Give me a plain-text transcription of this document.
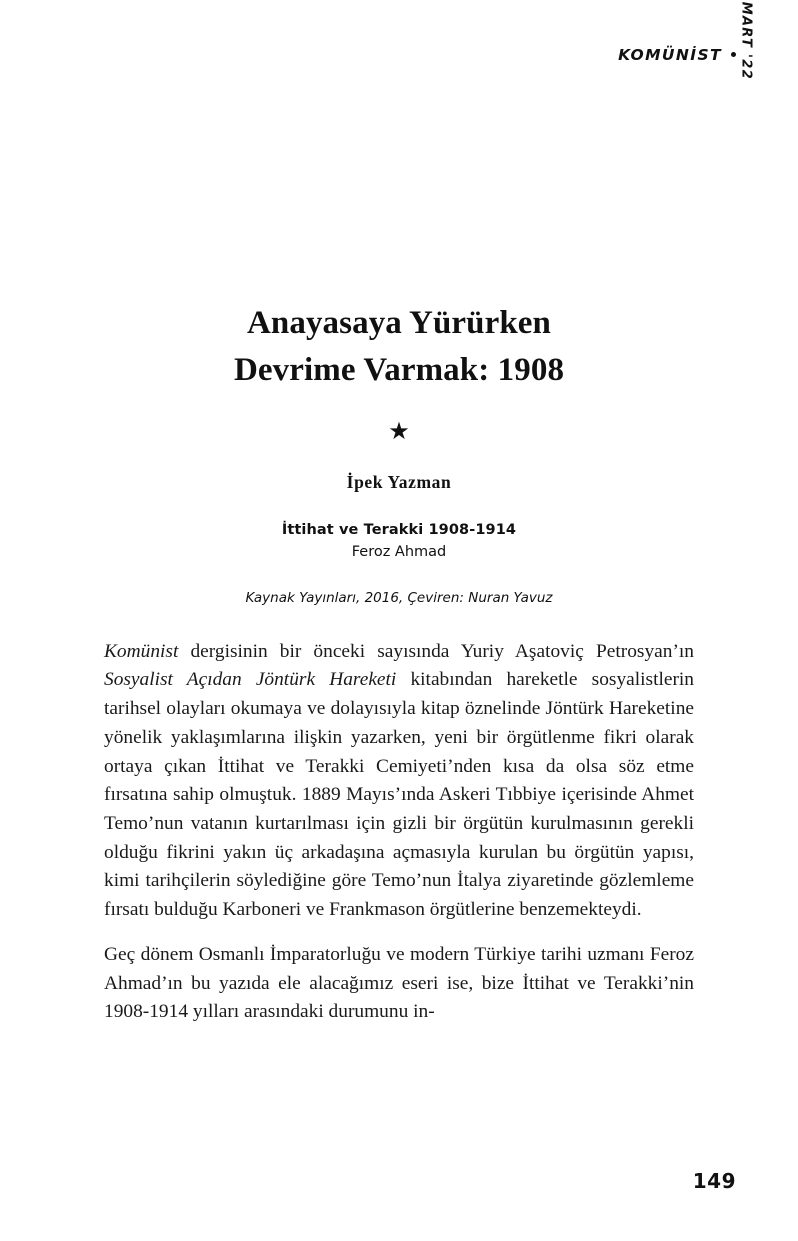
KOMÜNİST MART '22
Anayasaya Yürürken
Devrime Varmak: 1908
★
İpek Yazman
İttihat ve Terakki 1908-1914
Feroz Ahmad
Kaynak Yayınları, 2016, Çeviren: Nuran Yavuz

Komünist dergisinin bir önceki sayısında Yuriy Aşatoviç Petrosyan’ın Sosyalist Açıdan Jöntürk Hareketi kitabından hareketle sosyalistlerin tarihsel olayları okumaya ve dolayısıyla kitap öznelinde Jöntürk Hareketine yönelik yaklaşımlarına ilişkin yazarken, yeni bir örgütlenme fikri olarak ortaya çıkan İttihat ve Terakki Cemiyeti’nden kısa da olsa söz etme fırsatına sahip olmuştuk. 1889 Mayıs’ında Askeri Tıbbiye içerisinde Ahmet Temo’nun vatanın kurtarılması için gizli bir örgütün kurulmasının gerekli olduğu fikrini yakın üç arkadaşına açmasıyla kurulan bu örgütün yapısı, kimi tarihçilerin söylediğine göre Temo’nun İtalya ziyaretinde gözlemleme fırsatı bulduğu Karboneri ve Frankmason örgütlerine benzemekteydi.

Geç dönem Osmanlı İmparatorluğu ve modern Türkiye tarihi uzmanı Feroz Ahmad’ın bu yazıda ele alacağımız eseri ise, bize İttihat ve Terakki’nin 1908-1914 yılları arasındaki durumunu in-

149
